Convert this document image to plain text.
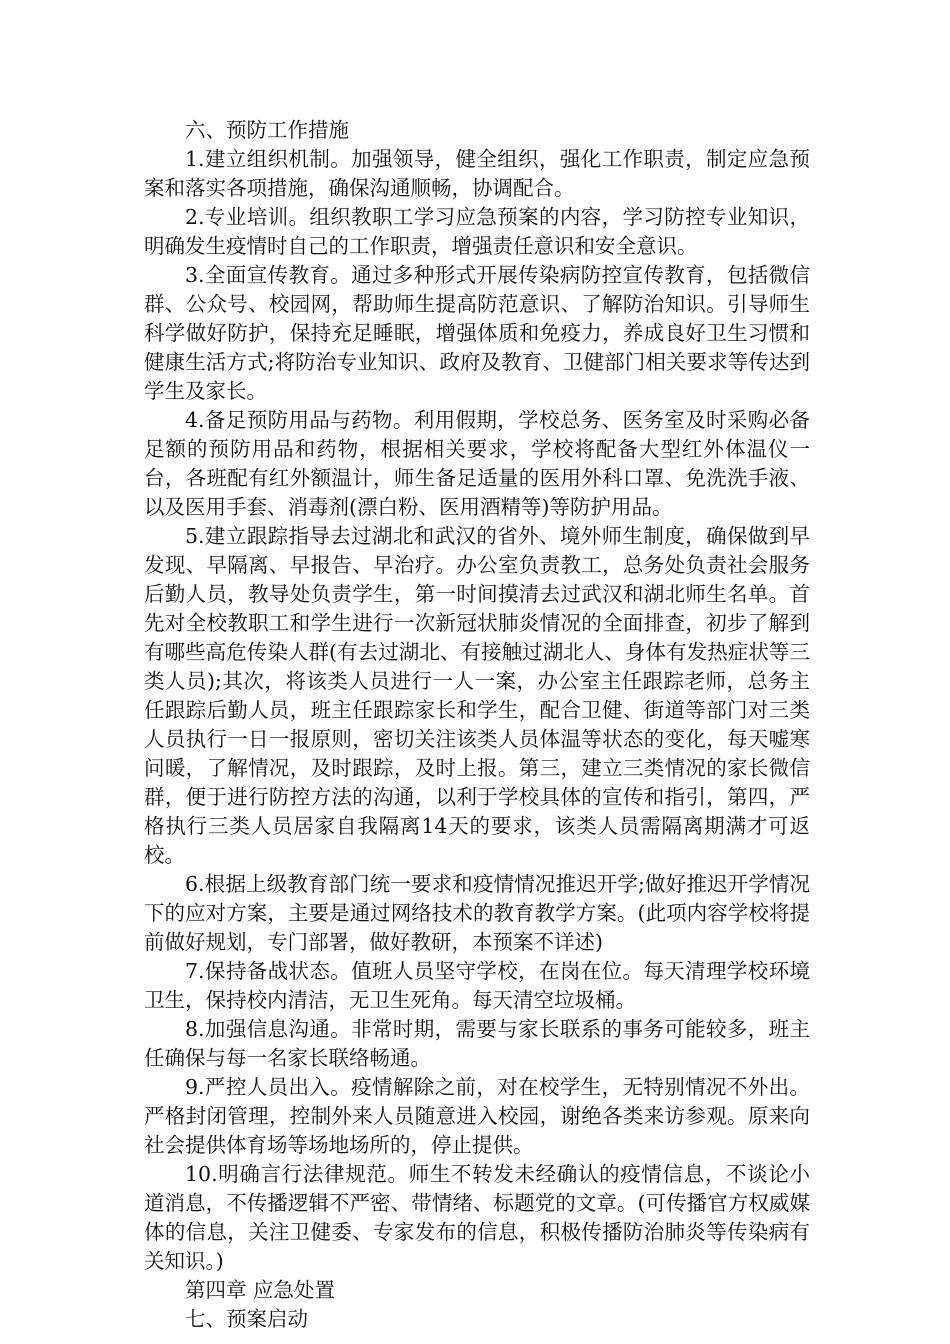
六、预防工作措施

1.建立组织机制。加强领导，健全组织，强化工作职责，制定应急预案和落实各项措施，确保沟通顺畅，协调配合。

2.专业培训。组织教职工学习应急预案的内容，学习防控专业知识，明确发生疫情时自己的工作职责，增强责任意识和安全意识。

3.全面宣传教育。通过多种形式开展传染病防控宣传教育，包括微信群、公众号、校园网，帮助师生提高防范意识、了解防治知识。引导师生科学做好防护，保持充足睡眠，增强体质和免疫力，养成良好卫生习惯和健康生活方式;将防治专业知识、政府及教育、卫健部门相关要求等传达到学生及家长。

4.备足预防用品与药物。利用假期，学校总务、医务室及时采购必备足额的预防用品和药物，根据相关要求，学校将配备大型红外体温仪一台，各班配有红外额温计，师生备足适量的医用外科口罩、免洗洗手液、以及医用手套、消毒剂(漂白粉、医用酒精等)等防护用品。

5.建立跟踪指导去过湖北和武汉的省外、境外师生制度，确保做到早发现、早隔离、早报告、早治疗。办公室负责教工，总务处负责社会服务后勤人员，教导处负责学生，第一时间摸清去过武汉和湖北师生名单。首先对全校教职工和学生进行一次新冠状肺炎情况的全面排查，初步了解到有哪些高危传染人群(有去过湖北、有接触过湖北人、身体有发热症状等三类人员);其次，将该类人员进行一人一案，办公室主任跟踪老师，总务主任跟踪后勤人员，班主任跟踪家长和学生，配合卫健、街道等部门对三类人员执行一日一报原则，密切关注该类人员体温等状态的变化，每天嘘寒问暖，了解情况，及时跟踪，及时上报。第三，建立三类情况的家长微信群，便于进行防控方法的沟通，以利于学校具体的宣传和指引，第四，严格执行三类人员居家自我隔离14天的要求，该类人员需隔离期满才可返校。

6.根据上级教育部门统一要求和疫情情况推迟开学;做好推迟开学情况下的应对方案，主要是通过网络技术的教育教学方案。(此项内容学校将提前做好规划，专门部署，做好教研，本预案不详述)

7.保持备战状态。值班人员坚守学校，在岗在位。每天清理学校环境卫生，保持校内清洁，无卫生死角。每天清空垃圾桶。

8.加强信息沟通。非常时期，需要与家长联系的事务可能较多，班主任确保与每一名家长联络畅通。

9.严控人员出入。疫情解除之前，对在校学生，无特别情况不外出。严格封闭管理，控制外来人员随意进入校园，谢绝各类来访参观。原来向社会提供体育场等场地场所的，停止提供。

10.明确言行法律规范。师生不转发未经确认的疫情信息，不谈论小道消息，不传播逻辑不严密、带情绪、标题党的文章。(可传播官方权威媒体的信息，关注卫健委、专家发布的信息，积极传播防治肺炎等传染病有关知识。)

第四章 应急处置

七、预案启动
